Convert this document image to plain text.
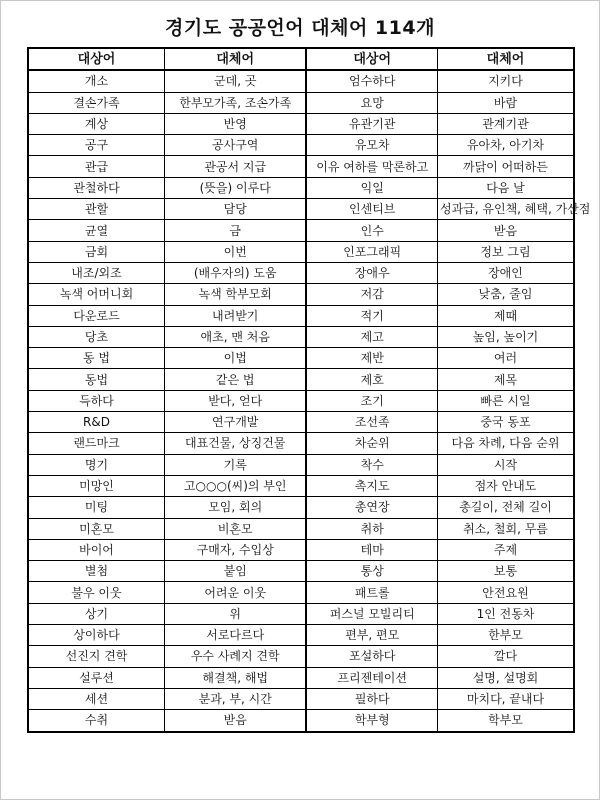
경기도 공공언어 대체어 114개
대상어	대체어	대상어	대체어
개소	군데, 곳	엄수하다	지키다
결손가족	한부모가족, 조손가족	요망	바람
계상	반영	유관기관	관계기관
공구	공사구역	유모차	유아차, 아기차
관급	관공서 지급	이유 여하를 막론하고	까닭이 어떠하든
관철하다	(뜻을) 이루다	익일	다음 날
관할	담당	인센티브	성과급, 유인책, 혜택, 가산점
균열	금	인수	받음
금회	이번	인포그래픽	정보 그림
내조/외조	(배우자의) 도움	장애우	장애인
녹색 어머니회	녹색 학부모회	저감	낮춤, 줄임
다운로드	내려받기	적기	제때
당초	애초, 맨 처음	제고	높임, 높이기
동 법	이법	제반	여러
동법	같은 법	제호	제목
득하다	받다, 얻다	조기	빠른 시일
R&D	연구개발	조선족	중국 동포
랜드마크	대표건물, 상징건물	차순위	다음 차례, 다음 순위
명기	기록	착수	시작
미망인	고○○○(씨)의 부인	촉지도	점자 안내도
미팅	모임, 회의	총연장	총길이, 전체 길이
미혼모	비혼모	취하	취소, 철회, 무름
바이어	구매자, 수입상	테마	주제
별첨	붙임	통상	보통
불우 이웃	어려운 이웃	패트롤	안전요원
상기	위	퍼스널 모빌리티	1인 전동차
상이하다	서로다르다	편부, 편모	한부모
선진지 견학	우수 사례지 견학	포설하다	깔다
설루션	해결책, 해법	프리젠테이션	설명, 설명회
세션	분과, 부, 시간	필하다	마치다, 끝내다
수취	받음	학부형	학부모
